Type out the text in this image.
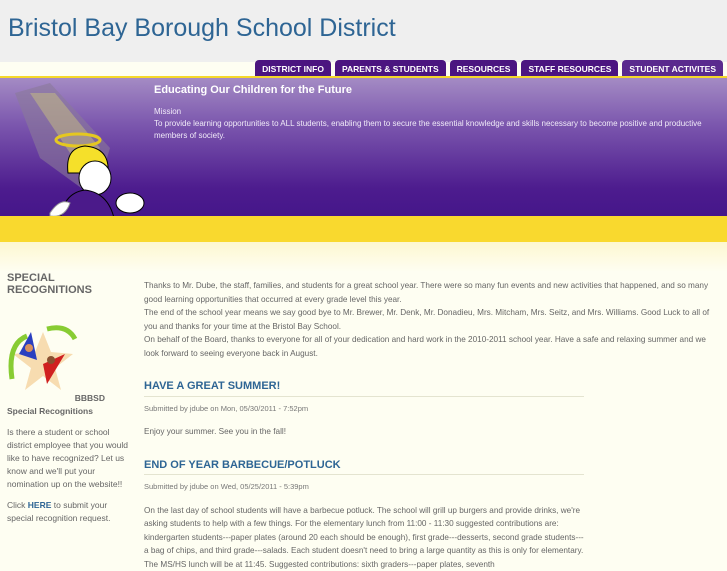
Bristol Bay Borough School District
DISTRICT INFO	PARENTS & STUDENTS	RESOURCES	STAFF RESOURCES	STUDENT ACTIVITES
Educating Our Children for the Future
Mission
To provide learning opportunities to ALL students, enabling them to secure the essential knowledge and skills necessary to become positive and productive members of society.
SPECIAL RECOGNITIONS
BBBSD
Special Recognitions

Is there a student or school district employee that you would like to have recognized? Let us know and we'll put your nomination up on the website!!

Click HERE to submit your special recognition request.

Thanks to Mr. Dube, the staff, families, and students for a great school year. There were so many fun events and new activities that happened, and so many good learning opportunities that occurred at every grade level this year.
The end of the school year means we say good bye to Mr. Brewer, Mr. Denk, Mr. Donadieu, Mrs. Mitcham, Mrs. Seitz, and Mrs. Williams. Good Luck to all of you and thanks for your time at the Bristol Bay School.
On behalf of the Board, thanks to everyone for all of your dedication and hard work in the 2010-2011 school year. Have a safe and relaxing summer and we look forward to seeing everyone back in August.
HAVE A GREAT SUMMER!
Submitted by jdube on Mon, 05/30/2011 - 7:52pm
Enjoy your summer. See you in the fall!
END OF YEAR BARBECUE/POTLUCK
Submitted by jdube on Wed, 05/25/2011 - 5:39pm
On the last day of school students will have a barbecue potluck. The school will grill up burgers and provide drinks, we're asking students to help with a few things. For the elementary lunch from 11:00 - 11:30 suggested contributions are: kindergarten students---paper plates (around 20 each should be enough), first grade---desserts, second grade students---a bag of chips, and third grade---salads. Each student doesn't need to bring a large quantity as this is only for elementary. The MS/HS lunch will be at 11:45. Suggested contributions: sixth graders---paper plates, seventh
